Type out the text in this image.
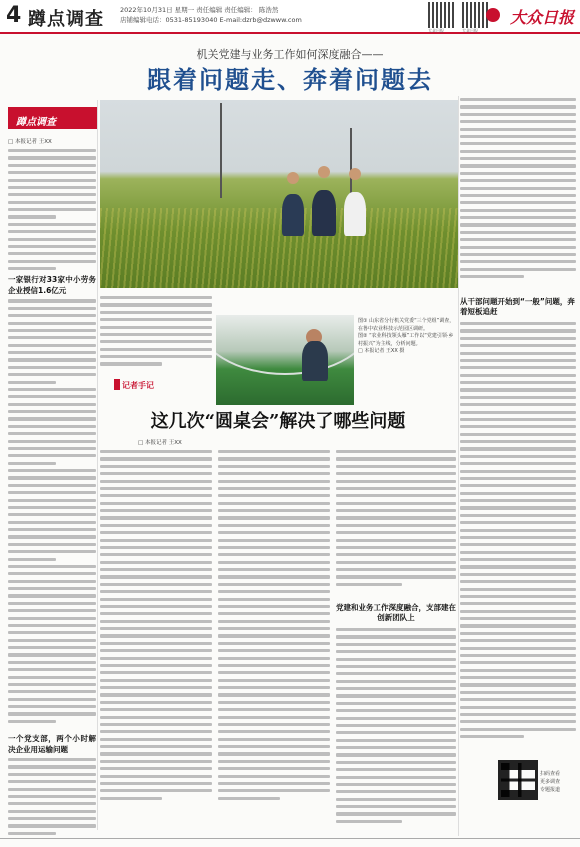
4 蹲点调查 2022年10月31日 星期一 责任编辑 责任编辑： 陈浩然
店铺编辑电话：0531-85193040 E-mail:dzrb@dzwww.com
大众日报	大众日报
大众日报
机关党建与业务工作如何深度融合——
跟着问题走、奔着问题去
蹲点调查
□ 本报记者 王XX
一家银行对33家中小劳务企业授信1.6亿元
图① 山东省分行机关党委“三个党组”调查，在鲁中农业科技示范园区调研。
图② “农业科技领头雁”工作以“党建引领·乡村振兴”为主线，分析问题。
□ 本报记者 王XX 摄
记者手记
这几次“圆桌会”解决了哪些问题
□ 本报记者 王XX
党建和业务工作深度融合，支部建在创新团队上
一个党支部，两个小时解决企业用运输问题
从干部问题开始到“一般”问题，奔着短板追赶
扫码查看
更多调查
专题报道
